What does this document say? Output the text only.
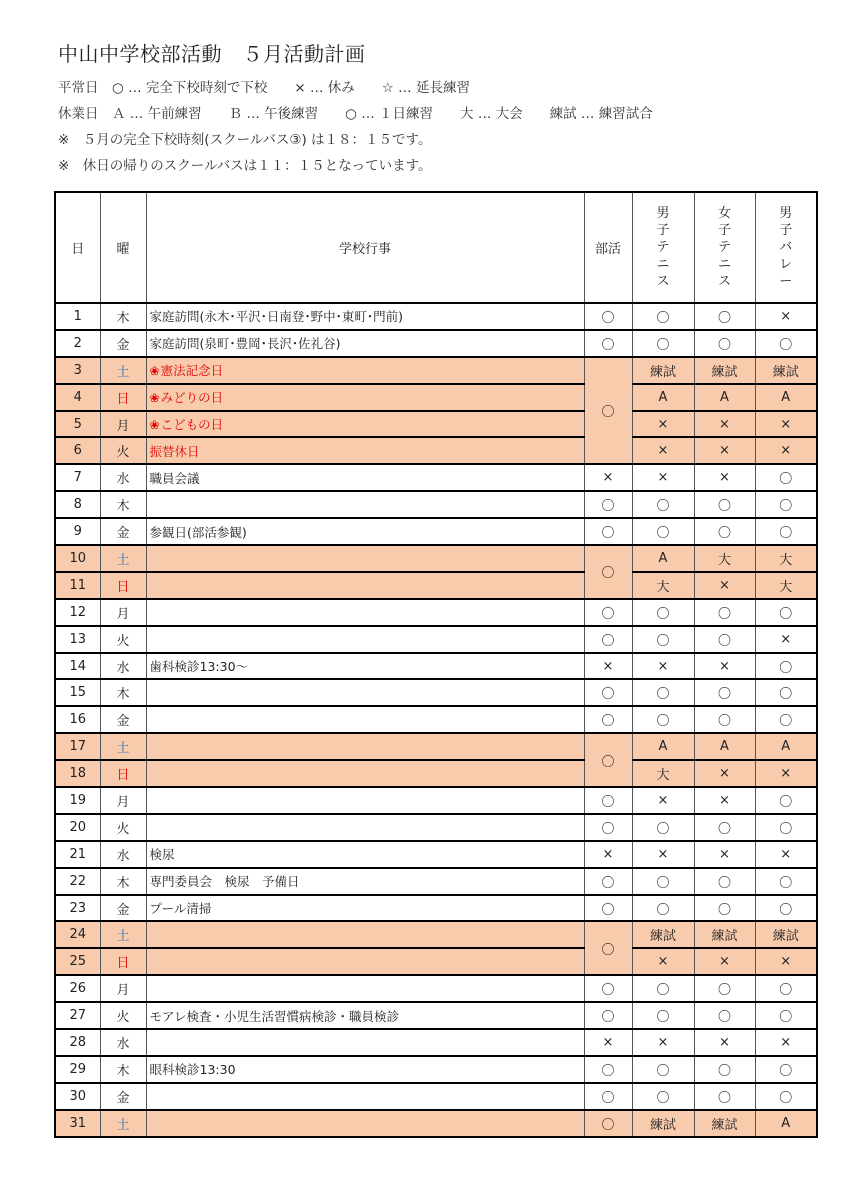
中山中学校部活動　５月活動計画
平常日　○ … 完全下校時刻で下校　　× … 休み　　☆ … 延長練習
休業日　Ａ … 午前練習　　Ｂ … 午後練習　　○ … １日練習　　大 … 大会　　練試 … 練習試合
※　５月の完全下校時刻(スクールバス③) は１８：１５です。
※　休日の帰りのスクールバスは１１：１５となっています。
日	曜	学校行事	部活	男子テニス	女子テニス	男子バレー
1	木	家庭訪問(永木･平沢･日南登･野中･東町･門前)	〇	〇	〇	×
2	金	家庭訪問(泉町･豊岡･長沢･佐礼谷)	〇	〇	〇	〇
3	土	❀憲法記念日	〇	練試	練試	練試
4	日	❀みどりの日		A	A	A
5	月	❀こどもの日		×	×	×
6	火	振替休日		×	×	×
7	水	職員会議	×	×	×	〇
8	木		〇	〇	〇	〇
9	金	参観日(部活参観)	〇	〇	〇	〇
10	土		〇	A	大	大
11	日			大	×	大
12	月		〇	〇	〇	〇
13	火		〇	〇	〇	×
14	水	歯科検診13:30～	×	×	×	〇
15	木		〇	〇	〇	〇
16	金		〇	〇	〇	〇
17	土		〇	A	A	A
18	日			大	×	×
19	月		〇	×	×	〇
20	火		〇	〇	〇	〇
21	水	検尿	×	×	×	×
22	木	専門委員会　検尿　予備日	〇	〇	〇	〇
23	金	プール清掃	〇	〇	〇	〇
24	土		〇	練試	練試	練試
25	日			×	×	×
26	月		〇	〇	〇	〇
27	火	モアレ検査・小児生活習慣病検診・職員検診	〇	〇	〇	〇
28	水		×	×	×	×
29	木	眼科検診13:30	〇	〇	〇	〇
30	金		〇	〇	〇	〇
31	土		〇	練試	練試	A
